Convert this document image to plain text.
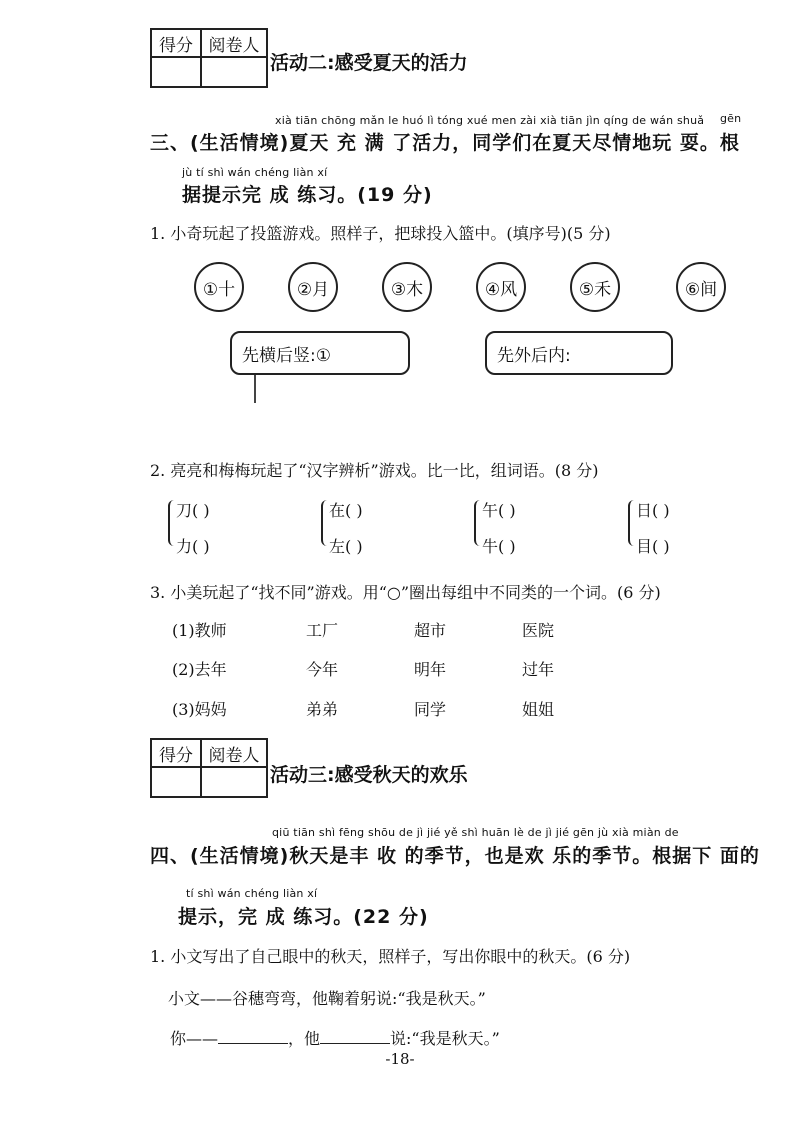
得分	阅卷人

活动二:感受夏天的活力
xià tiān chōng mǎn le huó lì tóng xué men zài xià tiān jìn qíng de wán shuǎ gēn
三、(生活情境)夏天 充 满 了活力，同学们在夏天尽情地玩 耍。根
jù tí shì wán chéng liàn xí
据提示完 成 练习。(19 分)
1. 小奇玩起了投篮游戏。照样子，把球投入篮中。(填序号)(5 分)
①十	②月	③木	④风	⑤禾	⑥间
先横后竖:①	先外后内:
2. 亮亮和梅梅玩起了“汉字辨析”游戏。比一比，组词语。(8 分)
刀( )
力( )
在( )
左( )
午( )
牛( )
日( )
目( )
3. 小美玩起了“找不同”游戏。用“○”圈出每组中不同类的一个词。(6 分)
(1)教师	工厂	超市	医院
(2)去年	今年	明年	过年
(3)妈妈	弟弟	同学	姐姐
得分	阅卷人

活动三:感受秋天的欢乐
qiū tiān shì fēng shōu de jì jié yě shì huān lè de jì jié gēn jù xià miàn de
四、(生活情境)秋天是丰 收 的季节，也是欢 乐的季节。根据下 面的
tí shì wán chéng liàn xí
提示，完 成 练习。(22 分)
1. 小文写出了自己眼中的秋天，照样子，写出你眼中的秋天。(6 分)
小文——谷穗弯弯，他鞠着躬说:“我是秋天。”
你——	，他	说:“我是秋天。”
-18-
